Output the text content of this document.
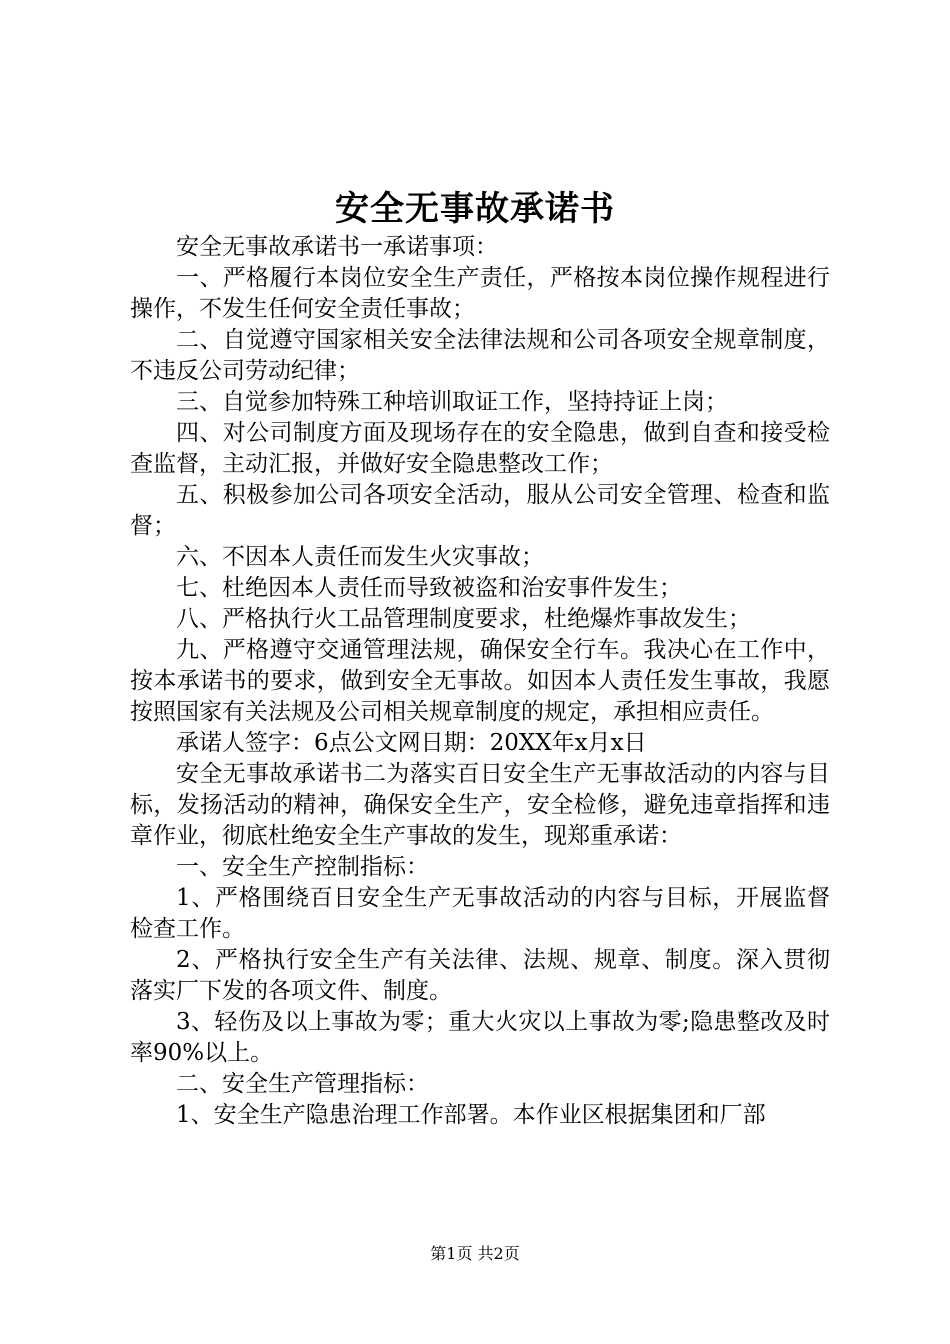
安全无事故承诺书

安全无事故承诺书一承诺事项：

一、严格履行本岗位安全生产责任，严格按本岗位操作规程进行操作，不发生任何安全责任事故；

二、自觉遵守国家相关安全法律法规和公司各项安全规章制度，不违反公司劳动纪律；

三、自觉参加特殊工种培训取证工作，坚持持证上岗；

四、对公司制度方面及现场存在的安全隐患，做到自查和接受检查监督，主动汇报，并做好安全隐患整改工作；

五、积极参加公司各项安全活动，服从公司安全管理、检查和监督；

六、不因本人责任而发生火灾事故；

七、杜绝因本人责任而导致被盗和治安事件发生；

八、严格执行火工品管理制度要求，杜绝爆炸事故发生；

九、严格遵守交通管理法规，确保安全行车。我决心在工作中，按本承诺书的要求，做到安全无事故。如因本人责任发生事故，我愿按照国家有关法规及公司相关规章制度的规定，承担相应责任。

承诺人签字：6点公文网日期：20XX年x月x日

安全无事故承诺书二为落实百日安全生产无事故活动的内容与目标，发扬活动的精神，确保安全生产，安全检修，避免违章指挥和违章作业，彻底杜绝安全生产事故的发生，现郑重承诺：

一、安全生产控制指标：

1、严格围绕百日安全生产无事故活动的内容与目标，开展监督检查工作。

2、严格执行安全生产有关法律、法规、规章、制度。深入贯彻落实厂下发的各项文件、制度。

3、轻伤及以上事故为零；重大火灾以上事故为零;隐患整改及时率90%以上。

二、安全生产管理指标：

1、安全生产隐患治理工作部署。本作业区根据集团和厂部

第1页 共2页
